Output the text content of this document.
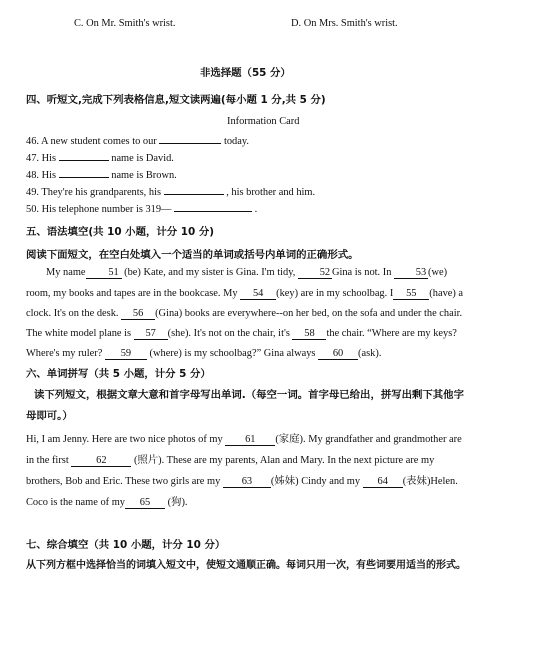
C. On Mr. Smith's wrist.	D. On Mrs. Smith's wrist.
非选择题（55 分）
四、听短文,完成下列表格信息,短文读两遍(每小题 1 分,共 5 分)
Information Card
46. A new student comes to our	today.
47. His	name is David.
48. His	name is Brown.
49. They're his grandparents, his	, his brother and him.
50. His telephone number is 319—	.
五、语法填空(共 10 小题，计分 10 分)
阅读下面短文，在空白处填入一个适当的单词或括号内单词的正确形式。
My name 51 (be) Kate, and my sister is Gina. I'm tidy, 52 Gina is not. In 53 (we)
room, my books and tapes are in the bookcase. My 54 (key) are in my schoolbag. I 55 (have) a
clock. It's on the desk. 56 (Gina) books are everywhere--on her bed, on the sofa and under the chair.
The white model plane is 57 (she). It's not on the chair, it's 58 the chair. “Where are my keys?
Where's my ruler? 59 (where) is my schoolbag?” Gina always 60 (ask).
六、单词拼写（共 5 小题，计分 5 分）
读下列短文，根据文章大意和首字母写出单词.（每空一词。首字母已给出，拼写出剩下其他字
母即可。）
Hi, I am Jenny. Here are two nice photos of my 61 (家庭). My grandfather and grandmother are
in the first	62	(照片). These are my parents, Alan and Mary. In the next picture are my
brothers, Bob and Eric. These two girls are my 63 (姊妹) Cindy and my 64 (表妹)Helen.
Coco is the name of my 65 (狗).
七、综合填空（共 10 小题，计分 10 分）
从下列方框中选择恰当的词填入短文中，使短文通顺正确。每词只用一次，有些词要用适当的形式。
